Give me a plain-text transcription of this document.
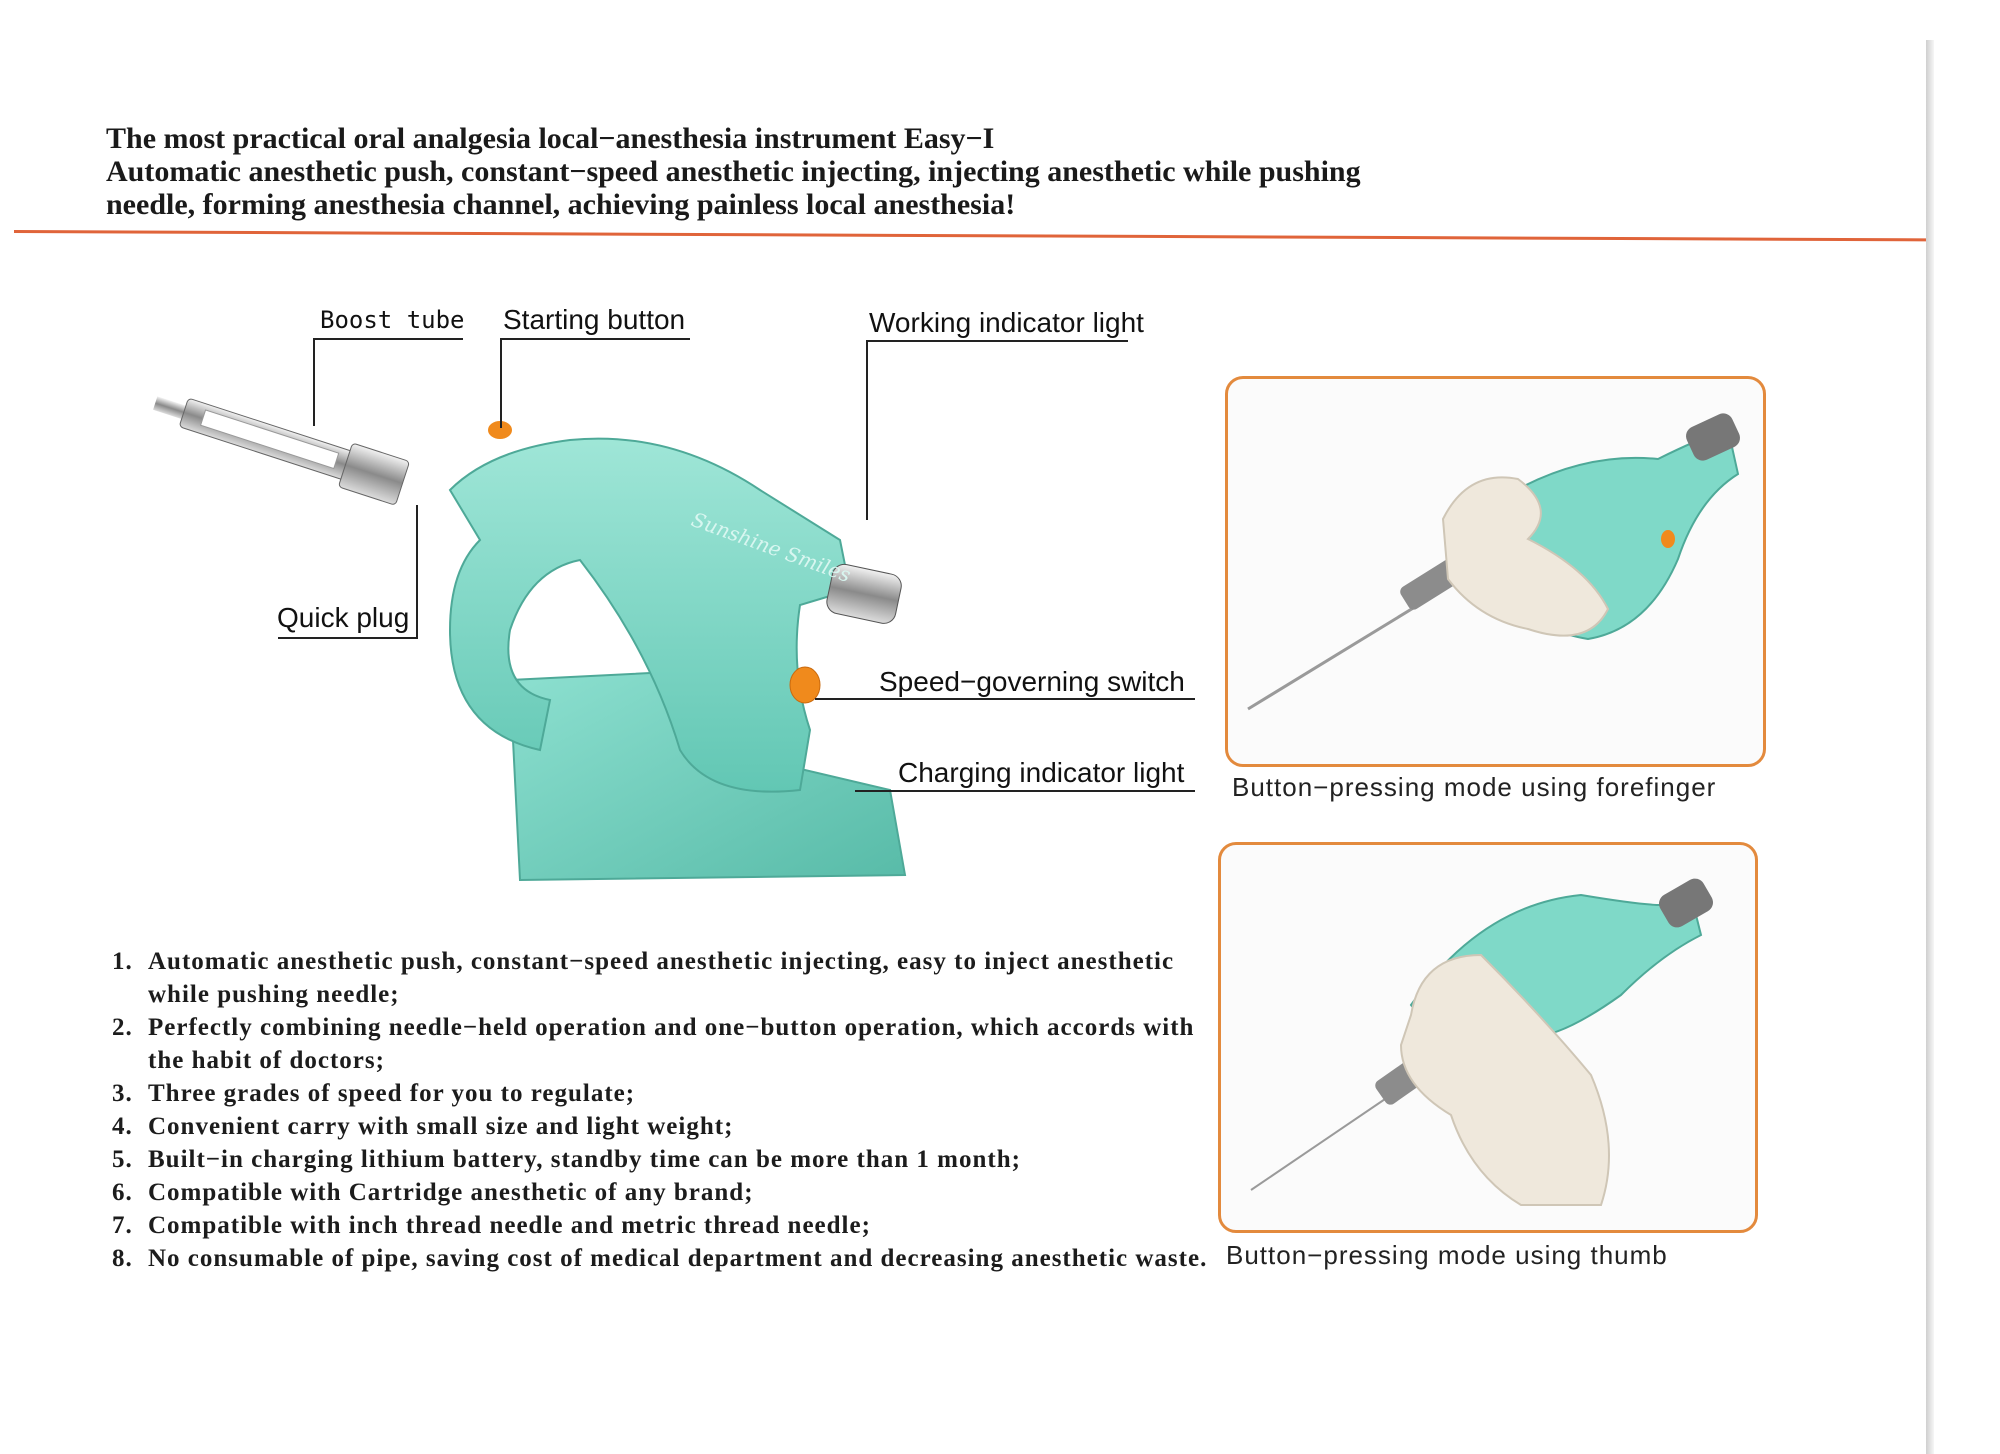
The most practical oral analgesia local−anesthesia instrument Easy−I
Automatic anesthetic push, constant−speed anesthetic injecting, injecting anesthetic while pushing
needle, forming anesthesia channel, achieving painless local anesthesia!
Sunshine Smiles
Boost tube Starting button	Working indicator light
Quick plug
Speed−governing switch
Charging indicator light Button−pressing mode using forefinger
Button−pressing mode using thumb
1. Automatic anesthetic push, constant−speed anesthetic injecting, easy to inject anesthetic while pushing needle;
2. Perfectly combining needle−held operation and one−button operation, which accords with the habit of doctors;
3. Three grades of speed for you to regulate;
4. Convenient carry with small size and light weight;
5. Built−in charging lithium battery, standby time can be more than 1 month;
6. Compatible with Cartridge anesthetic of any brand;
7. Compatible with inch thread needle and metric thread needle;
8. No consumable of pipe, saving cost of medical department and decreasing anesthetic waste.
